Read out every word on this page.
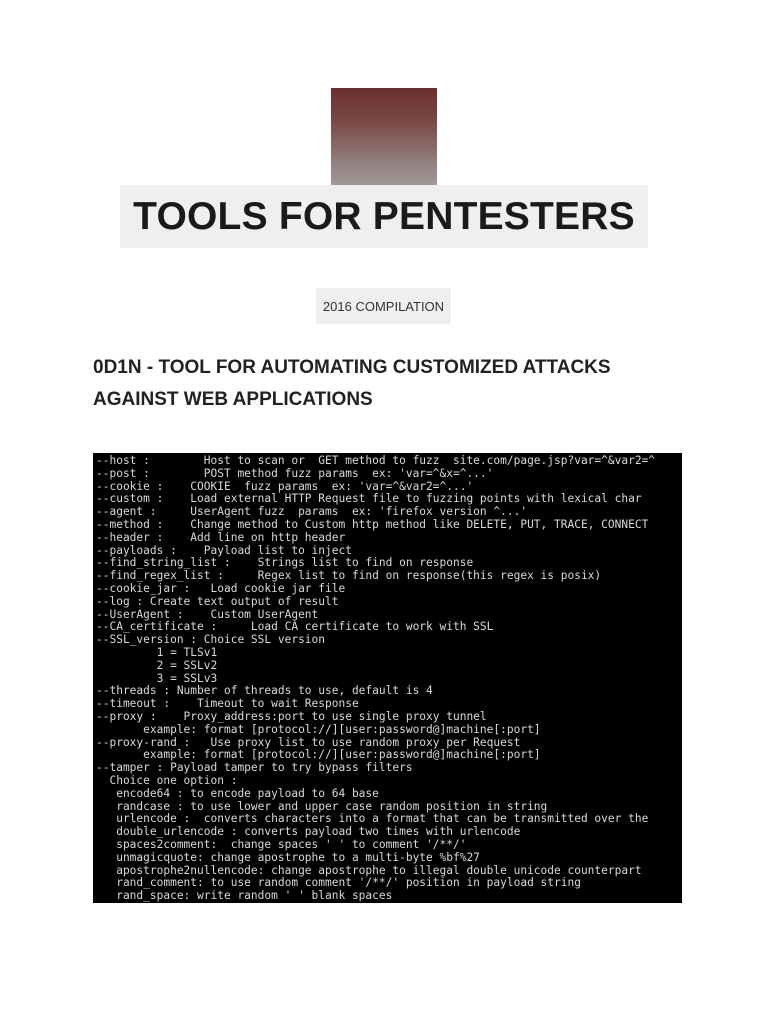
TOOLS FOR PENTESTERS
2016 COMPILATION
0D1N - TOOL FOR AUTOMATING CUSTOMIZED ATTACKS
AGAINST WEB APPLICATIONS
--host :        Host to scan or  GET method to fuzz  site.com/page.jsp?var=^&var2=^
--post :        POST method fuzz params  ex: 'var=^&x=^...'
--cookie :    COOKIE  fuzz params  ex: 'var=^&var2=^...'
--custom :    Load external HTTP Request file to fuzzing points with lexical char
--agent :     UserAgent fuzz  params  ex: 'firefox version ^...'
--method :    Change method to Custom http method like DELETE, PUT, TRACE, CONNECT
--header :    Add line on http header
--payloads :    Payload list to inject
--find_string_list :    Strings list to find on response
--find_regex_list :     Regex list to find on response(this regex is posix)
--cookie_jar :   Load cookie jar file
--log : Create text output of result
--UserAgent :    Custom UserAgent
--CA_certificate :     Load CA certificate to work with SSL
--SSL_version : Choice SSL version
1 = TLSv1
2 = SSLv2
3 = SSLv3
--threads : Number of threads to use, default is 4
--timeout :    Timeout to wait Response
--proxy :    Proxy_address:port to use single proxy tunnel
example: format [protocol://][user:password@]machine[:port]
--proxy-rand :   Use proxy list to use random proxy per Request
example: format [protocol://][user:password@]machine[:port]
--tamper : Payload tamper to try bypass filters
Choice one option :
encode64 : to encode payload to 64 base
randcase : to use lower and upper case random position in string
urlencode :  converts characters into a format that can be transmitted over the
double_urlencode : converts payload two times with urlencode
spaces2comment:  change spaces ' ' to comment '/**/'
unmagicquote: change apostrophe to a multi-byte %bf%27
apostrophe2nullencode: change apostrophe to illegal double unicode counterpart
rand_comment: to use random comment '/**/' position in payload string
rand_space: write random ' ' blank spaces
